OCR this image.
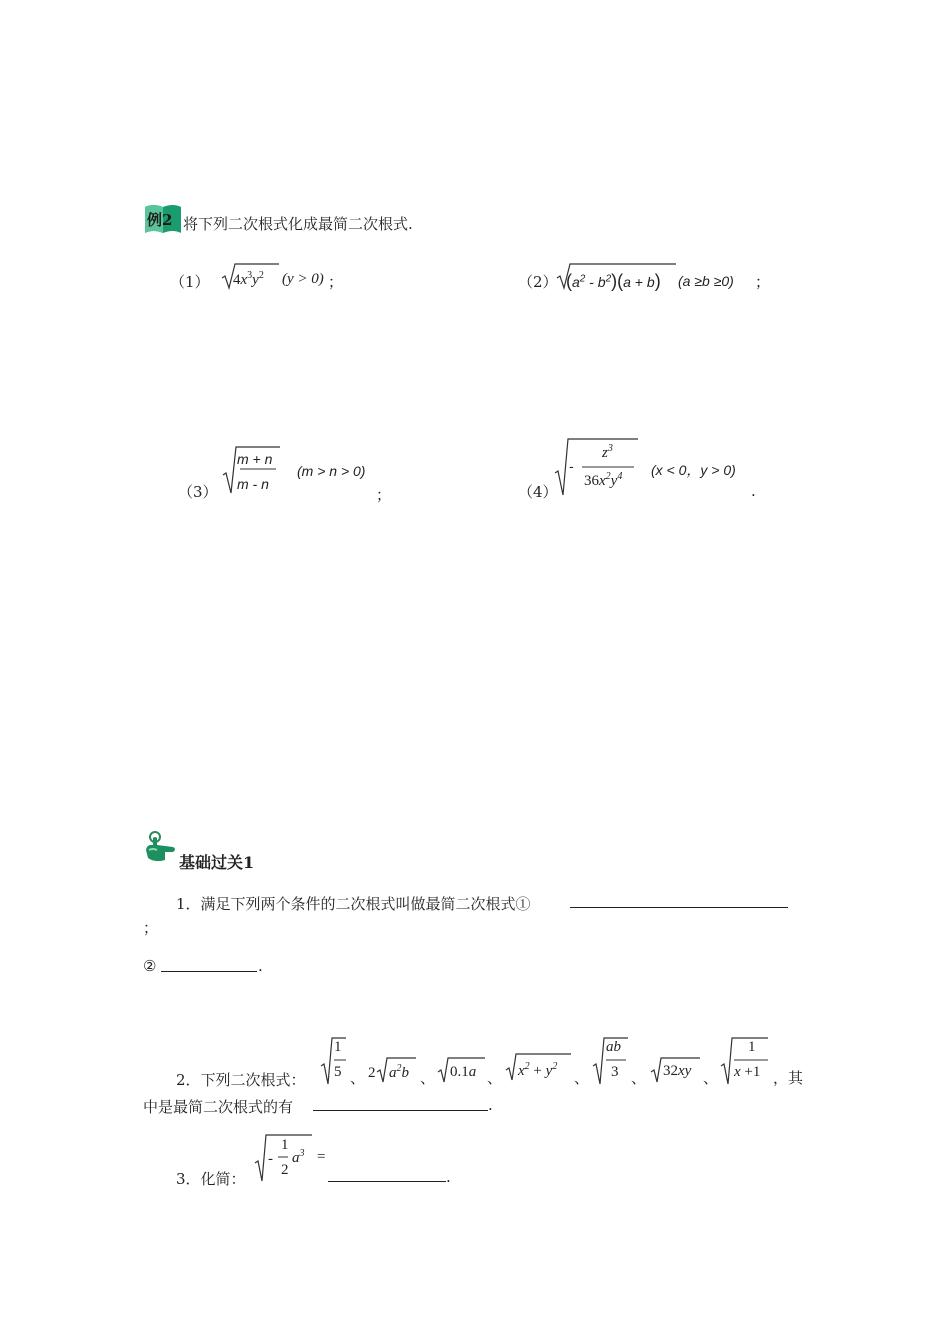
例2 将下列二次根式化成最简二次根式.
（1） $4x^3y^2$ (y > 0) ；	（2） $(a^2 - b^2)(a + b)$ (a ≥b ≥0) ；
（3）
m + n
m - n
(m > n > 0)
；	（4）
-
$z^3$
$36x^2y^4$ (x < 0，y > 0)
.
基础过关1
1．满足下列两个条件的二次根式叫做最简二次根式①
；
②	.
2．下列二次根式：
1
5 、 2 $a^2b$ 、 0.1a 、 $x^2 + y^2$
、
ab
3 、 32xy 、
1
x +1 ，其
中是最简二次根式的有	.
3．化简：
-
1
2
$a^3$ =
.
